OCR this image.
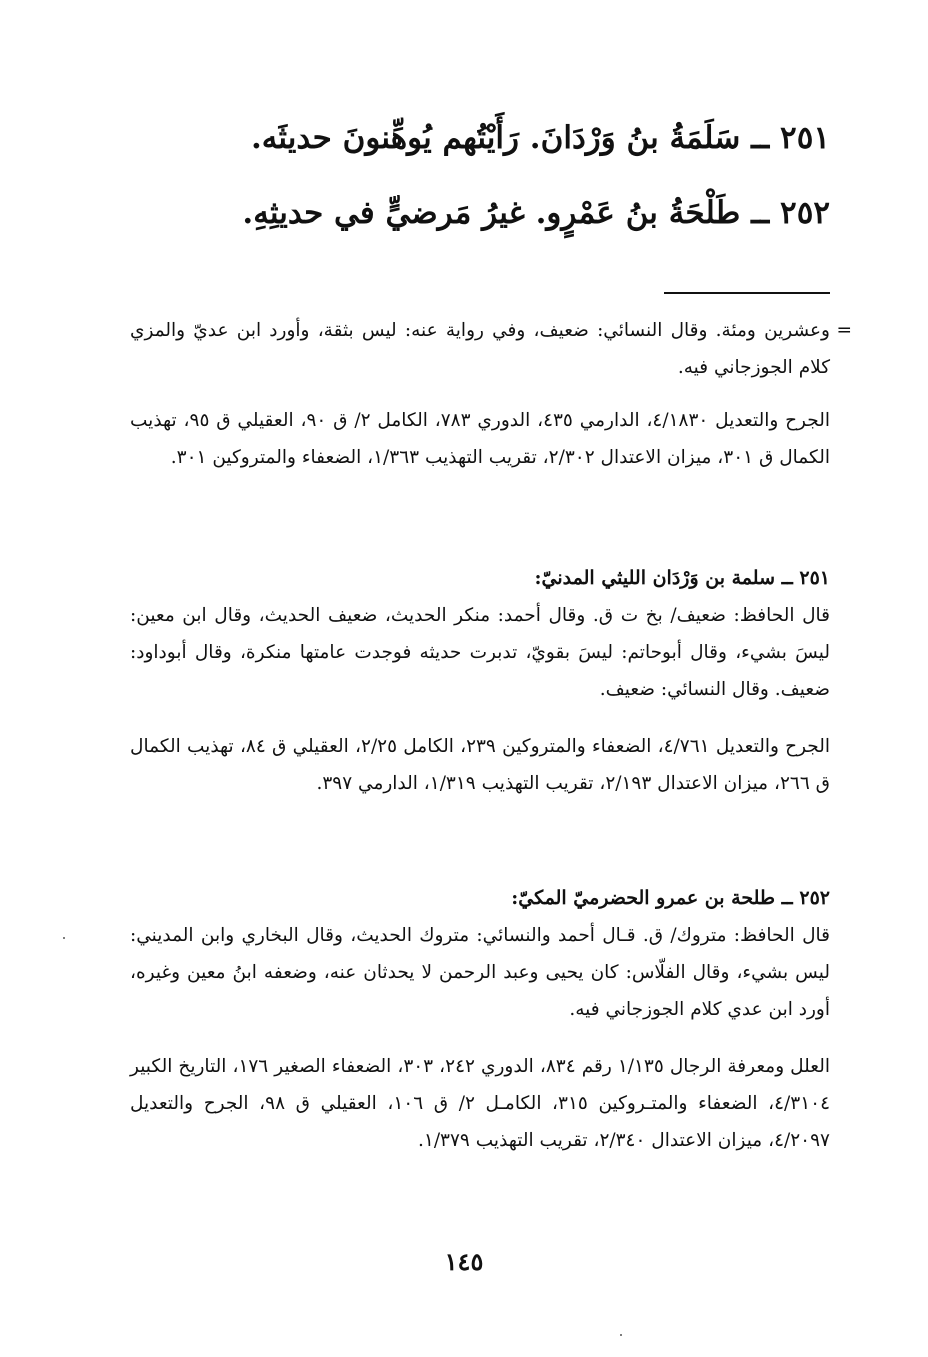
٢٥١ ــ سَلَمَةُ بنُ وَرْدَانَ. رَأَيْتُهم يُوهِّنونَ حديثَه.
٢٥٢ ــ طَلْحَةُ بنُ عَمْرٍو. غيرُ مَرضيٍّ في حديثِهِ.
=
وعشرين ومئة. وقال النسائي: ضعيف، وفي رواية عنه: ليس بثقة، وأورد ابن عديّ والمزي كلام الجوزجاني فيه.
الجرح والتعديل ٤/١٨٣٠، الدارمي ٤٣٥، الدوري ٧٨٣، الكامل ٢/ ق ٩٠، العقيلي ق ٩٥، تهذيب الكمال ق ٣٠١، ميزان الاعتدال ٢/٣٠٢، تقريب التهذيب ١/٣٦٣، الضعفاء والمتروكين ٣٠١.
٢٥١ ــ سلمة بن وَرْدَان الليثي المدنيّ:
قال الحافظ: ضعيف/ بخ ت ق. وقال أحمد: منكر الحديث، ضعيف الحديث، وقال ابن معين: ليسَ بشيء، وقال أبوحاتم: ليسَ بقويّ، تدبرت حديثه فوجدت عامتها منكرة، وقال أبوداود: ضعيف. وقال النسائي: ضعيف.
الجرح والتعديل ٤/٧٦١، الضعفاء والمتروكين ٢٣٩، الكامل ٢/٢٥، العقيلي ق ٨٤، تهذيب الكمال ق ٢٦٦، ميزان الاعتدال ٢/١٩٣، تقريب التهذيب ١/٣١٩، الدارمي ٣٩٧.
٢٥٢ ــ طلحة بن عمرو الحضرميّ المكيّ:
قال الحافظ: متروك/ ق. قـال أحمد والنسائي: متروك الحديث، وقال البخاري وابن المديني: ليس بشيء، وقال الفلّاس: كان يحيى وعبد الرحمن لا يحدثان عنه، وضعفه ابنُ معين وغيره، أورد ابن عدي كلام الجوزجاني فيه.
العلل ومعرفة الرجال ١/١٣٥ رقم ٨٣٤، الدوري ٢٤٢، ٣٠٣، الضعفاء الصغير ١٧٦، التاريخ الكبير ٤/٣١٠٤، الضعفاء والمتـروكين ٣١٥، الكامـل ٢/ ق ١٠٦، العقيلي ق ٩٨، الجرح والتعديل ٤/٢٠٩٧، ميزان الاعتدال ٢/٣٤٠، تقريب التهذيب ١/٣٧٩.
١٤٥
